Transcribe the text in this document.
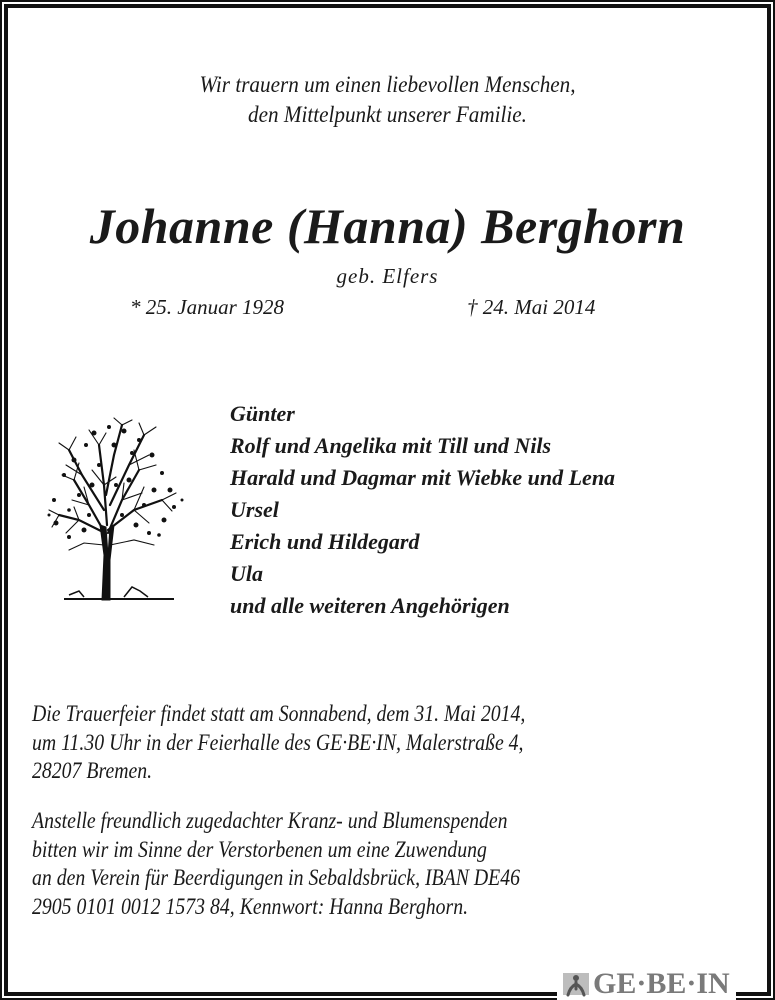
Wir trauern um einen liebevollen Menschen,
den Mittelpunkt unserer Familie.
Johanne (Hanna) Berghorn
geb. Elfers
* 25. Januar 1928	† 24. Mai 2014
Günter
Rolf und Angelika mit Till und Nils
Harald und Dagmar mit Wiebke und Lena
Ursel
Erich und Hildegard
Ula
und alle weiteren Angehörigen
Die Trauerfeier findet statt am Sonnabend, dem 31. Mai 2014,
um 11.30 Uhr in der Feierhalle des GE·BE·IN, Malerstraße 4,
28207 Bremen.
Anstelle freundlich zugedachter Kranz- und Blumenspenden
bitten wir im Sinne der Verstorbenen um eine Zuwendung
an den Verein für Beerdigungen in Sebaldsbrück, IBAN DE46
2905 0101 0012 1573 84, Kennwort: Hanna Berghorn.
GE·BE·IN
